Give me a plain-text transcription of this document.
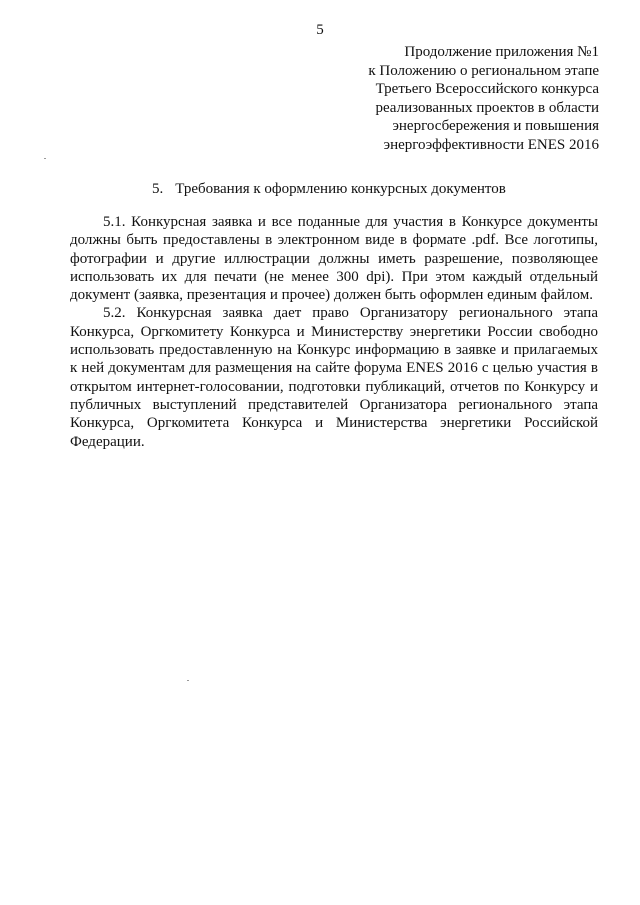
5
Продолжение приложения №1
к Положению о региональном этапе
Третьего Всероссийского конкурса
реализованных проектов в области
энергосбережения и повышения
энергоэффективности ENES 2016
5. Требования к оформлению конкурсных документов

5.1. Конкурсная заявка и все поданные для участия в Конкурсе документы должны быть предоставлены в электронном виде в формате .pdf. Все логотипы, фотографии и другие иллюстрации должны иметь разрешение, позволяющее использовать их для печати (не менее 300 dpi). При этом каждый отдельный документ (заявка, презентация и прочее) должен быть оформлен единым файлом.

5.2. Конкурсная заявка дает право Организатору регионального этапа Конкурса, Оргкомитету Конкурса и Министерству энергетики России свободно использовать предоставленную на Конкурс информацию в заявке и прилагаемых к ней документам для размещения на сайте форума ENES 2016 с целью участия в открытом интернет-голосовании, подготовки публикаций, отчетов по Конкурсу и публичных выступлений представителей Организатора регионального этапа Конкурса, Оргкомитета Конкурса и Министерства энергетики Российской Федерации.
